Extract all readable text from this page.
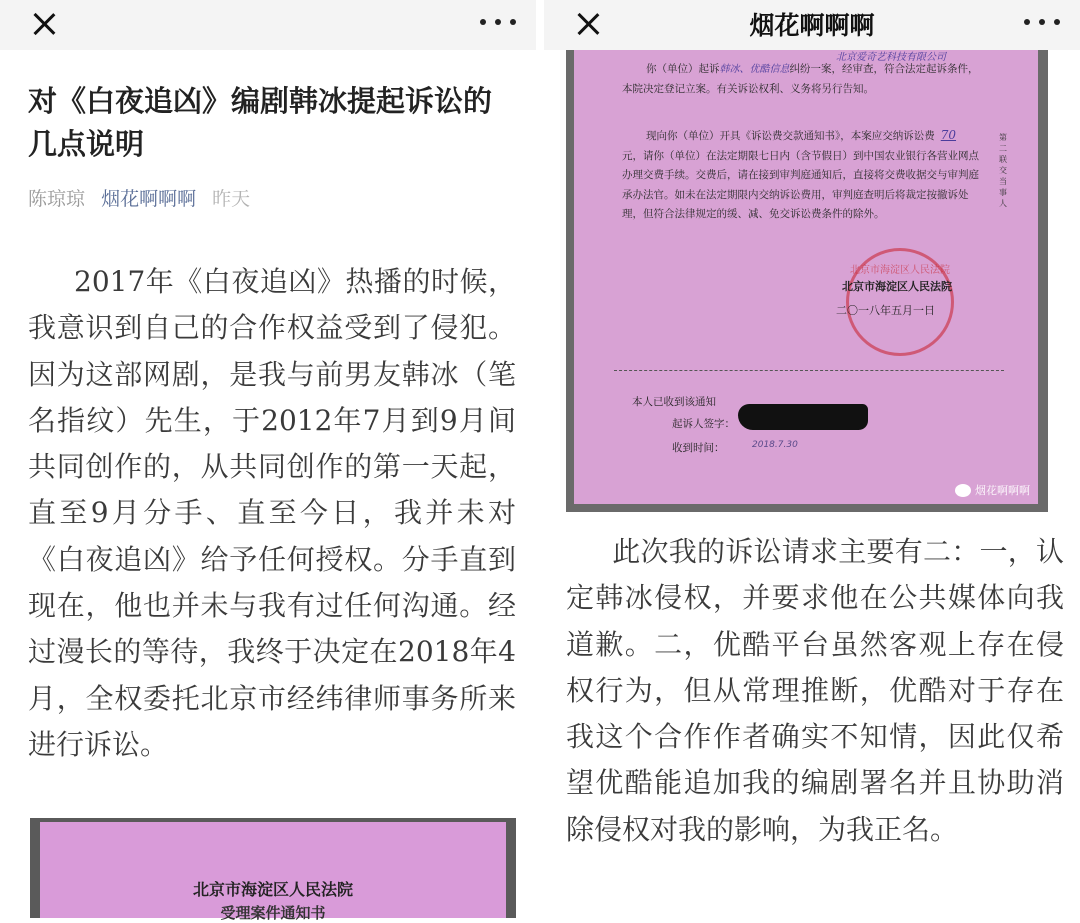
对《白夜追凶》编剧韩冰提起诉讼的几点说明
陈琼琼 烟花啊啊啊 昨天
2017年《白夜追凶》热播的时候，我意识到自己的合作权益受到了侵犯。因为这部网剧，是我与前男友韩冰（笔名指纹）先生，于2012年7月到9月间共同创作的，从共同创作的第一天起，直至9月分手、直至今日，我并未对《白夜追凶》给予任何授权。分手直到现在，他也并未与我有过任何沟通。经过漫长的等待，我终于决定在2018年4月，全权委托北京市经纬律师事务所来进行诉讼。
北京市海淀区人民法院
受理案件通知书
烟花啊啊啊
北京爱奇艺科技有限公司
你（单位）起诉韩冰、优酷信息纠纷一案，经审查，符合法定起诉条件，本院决定登记立案。有关诉讼权利、义务将另行告知。
现向你（单位）开具《诉讼费交款通知书》，本案应交纳诉讼费 70元，请你（单位）在法定期限七日内（含节假日）到中国农业银行各营业网点办理交费手续。交费后，请在接到审判庭通知后，直接将交费收据交与审判庭承办法官。如未在法定期限内交纳诉讼费用，审判庭查明后将裁定按撤诉处理，但符合法律规定的缓、减、免交诉讼费条件的除外。
第二联 交当事人
北京市海淀区人民法院
北京市海淀区人民法院
二〇一八年五月一日
本人已收到该通知
起诉人签字：
收到时间：	2018.7.30
烟花啊啊啊
此次我的诉讼请求主要有二：一，认定韩冰侵权，并要求他在公共媒体向我道歉。二，优酷平台虽然客观上存在侵权行为，但从常理推断，优酷对于存在我这个合作作者确实不知情，因此仅希望优酷能追加我的编剧署名并且协助消除侵权对我的影响，为我正名。
